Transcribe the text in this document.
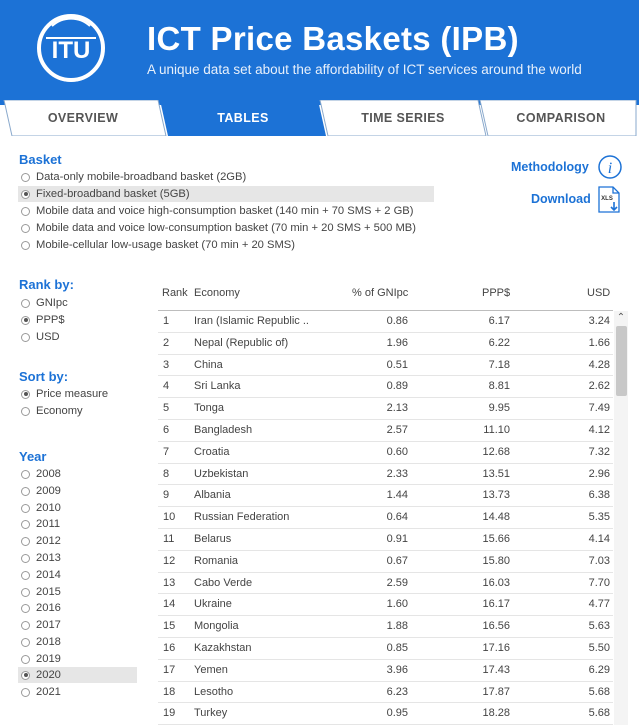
ITU ICT Price Baskets (IPB)
A unique data set about the affordability of ICT services around the world
OVERVIEW	TABLES	TIME SERIES	COMPARISON
Basket
Data-only mobile-broadband basket (2GB)
Fixed-broadband basket (5GB)
Mobile data and voice high-consumption basket (140 min + 70 SMS + 2 GB)
Mobile data and voice low-consumption basket (70 min + 20 SMS + 500 MB)
Mobile-cellular low-usage basket (70 min + 20 SMS)
Methodology i
Download XLS
Rank by:
GNIpc
PPP$
USD
Sort by:
Price measure
Economy
Year
2008
2009
2010
2011
2012
2013
2014
2015
2016
2017
2018
2019
2020
2021
Rank Economy	% of GNIpc	PPP$	USD
1 Iran (Islamic Republic ..	0.86	6.17	3.24
2 Nepal (Republic of)	1.96	6.22	1.66
3 China	0.51	7.18	4.28
4 Sri Lanka	0.89	8.81	2.62
5 Tonga	2.13	9.95	7.49
6 Bangladesh	2.57	11.10	4.12
7 Croatia	0.60	12.68	7.32
8 Uzbekistan	2.33	13.51	2.96
9 Albania	1.44	13.73	6.38
10 Russian Federation	0.64	14.48	5.35
11 Belarus	0.91	15.66	4.14
12 Romania	0.67	15.80	7.03
13 Cabo Verde	2.59	16.03	7.70
14 Ukraine	1.60	16.17	4.77
15 Mongolia	1.88	16.56	5.63
16 Kazakhstan	0.85	17.16	5.50
17 Yemen	3.96	17.43	6.29
18 Lesotho	6.23	17.87	5.68
19 Turkey	0.95	18.28	5.68
⌃
